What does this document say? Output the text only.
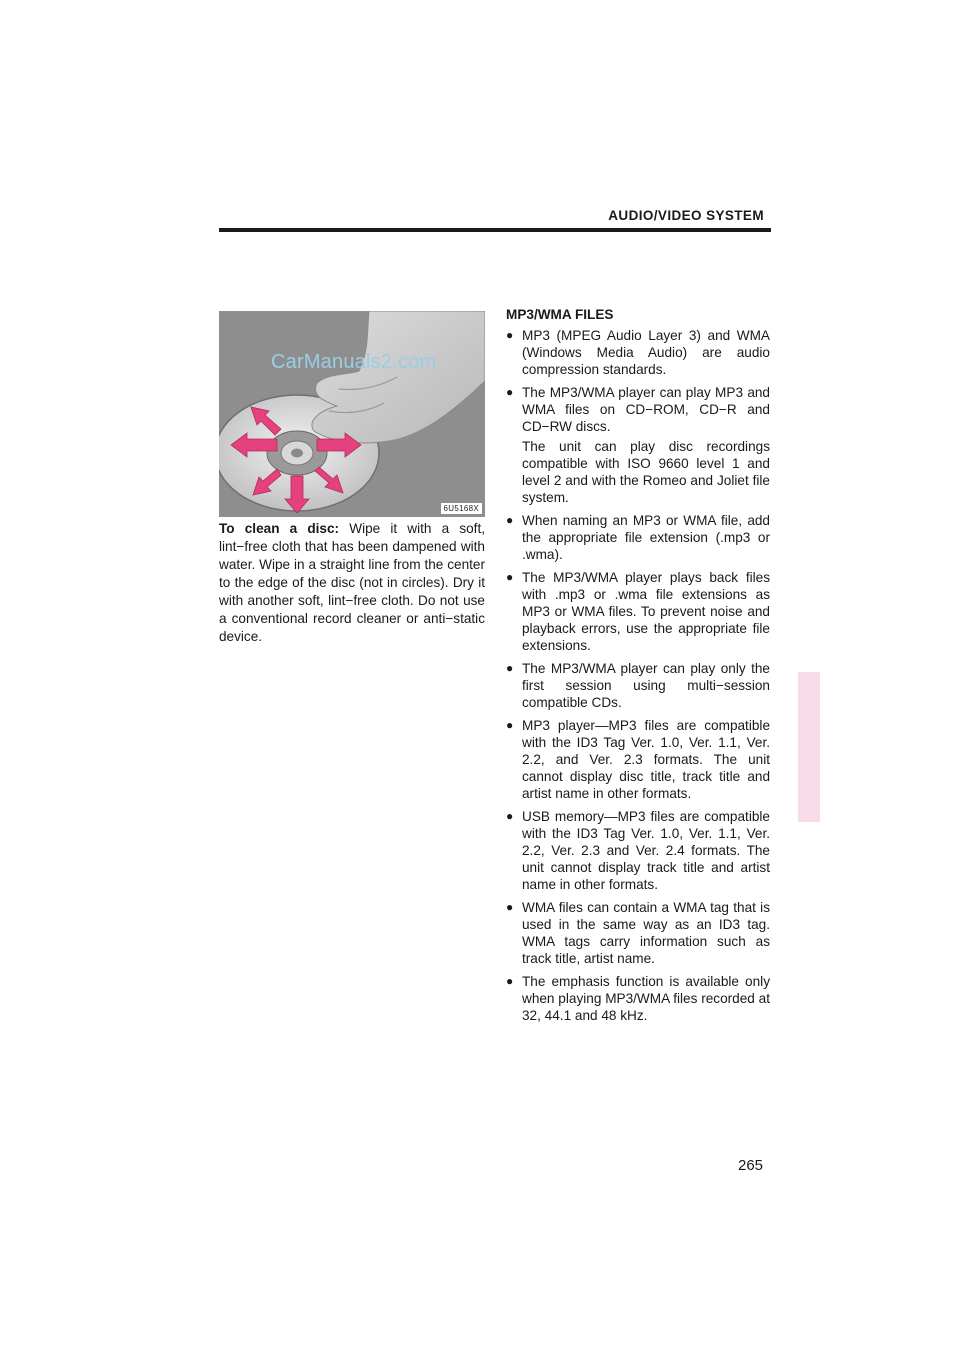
AUDIO/VIDEO SYSTEM
CarManuals2.com
6U5168X

To clean a disc: Wipe it with a soft, lint−free cloth that has been dampened with water. Wipe in a straight line from the center to the edge of the disc (not in circles). Dry it with another soft, lint−free cloth. Do not use a conventional record cleaner or anti−static device.

MP3/WMA FILES
● MP3 (MPEG Audio Layer 3) and WMA (Windows Media Audio) are audio compression standards.
● The MP3/WMA player can play MP3 and WMA files on CD−ROM, CD−R and CD−RW discs.
The unit can play disc recordings compatible with ISO 9660 level 1 and level 2 and with the Romeo and Joliet file system.
● When naming an MP3 or WMA file, add the appropriate file extension (.mp3 or .wma).
● The MP3/WMA player plays back files with .mp3 or .wma file extensions as MP3 or WMA files. To prevent noise and playback errors, use the appropriate file extensions.
● The MP3/WMA player can play only the first session using multi−session compatible CDs.
● MP3 player—MP3 files are compatible with the ID3 Tag Ver. 1.0, Ver. 1.1, Ver. 2.2, and Ver. 2.3 formats. The unit cannot display disc title, track title and artist name in other formats.
● USB memory—MP3 files are compatible with the ID3 Tag Ver. 1.0, Ver. 1.1, Ver. 2.2, Ver. 2.3 and Ver. 2.4 formats. The unit cannot display track title and artist name in other formats.
● WMA files can contain a WMA tag that is used in the same way as an ID3 tag. WMA tags carry information such as track title, artist name.
● The emphasis function is available only when playing MP3/WMA files recorded at 32, 44.1 and 48 kHz.
265
